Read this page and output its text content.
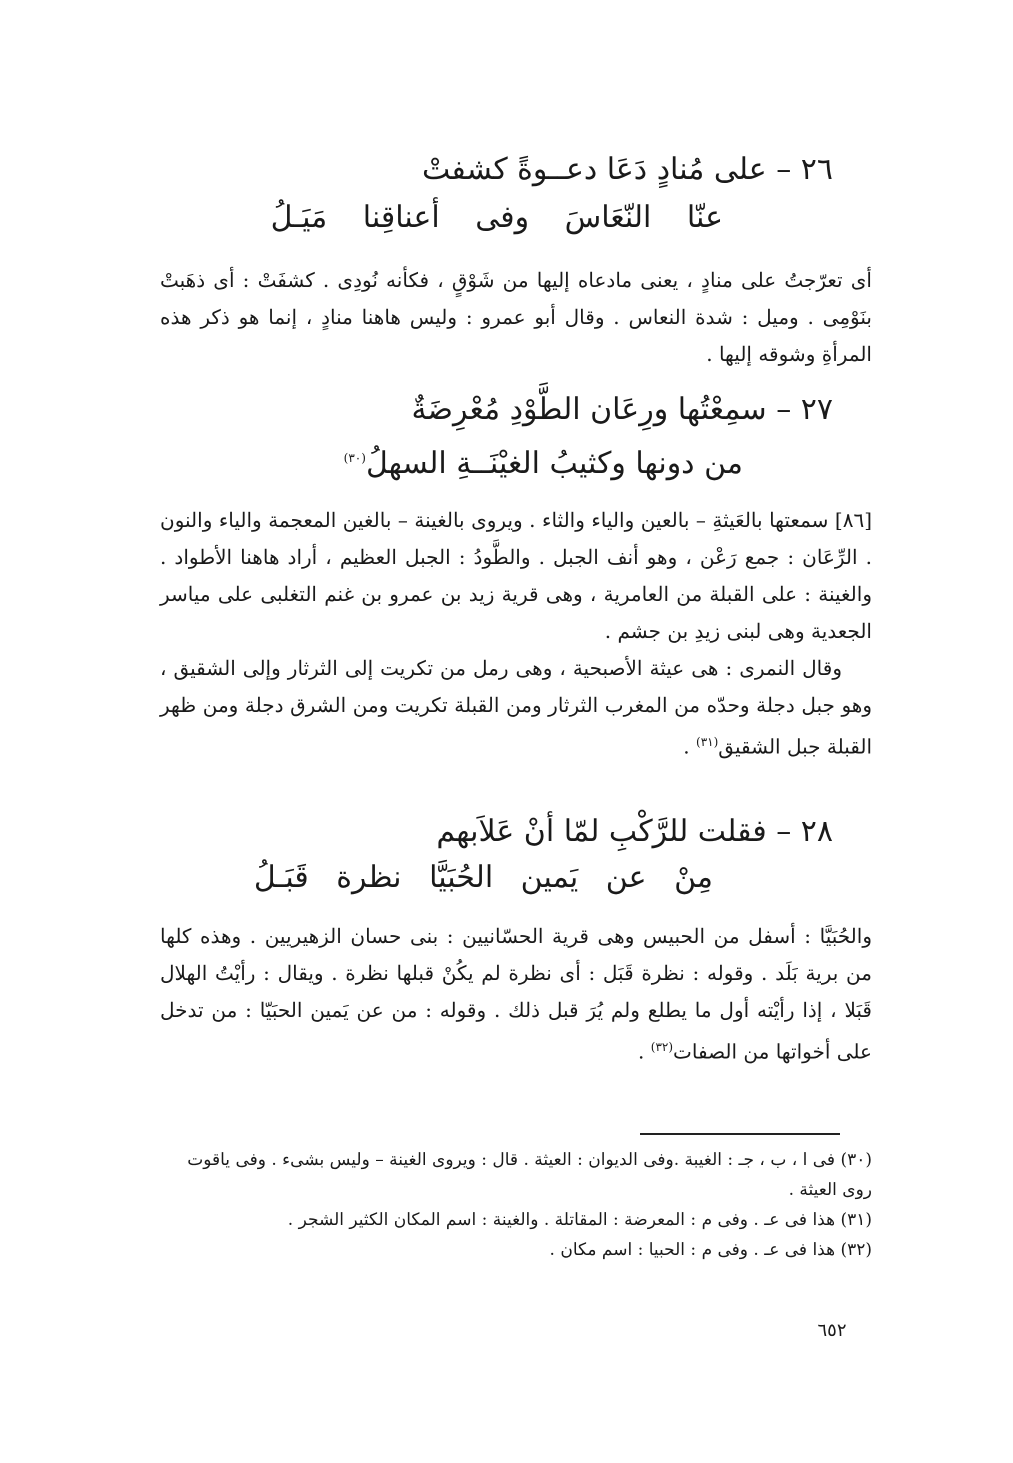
٢٦ – على مُنادٍ دَعَا دعــوةً كشفتْ
عنّا النّعَاسَ وفى أعناقِنا مَيَـلُ

أى تعرّجتُ على منادٍ ، يعنى مادعاه إليها من شَوْقٍ ، فكأنه نُودِى . كشفَتْ : أى ذهَبتْ بنَوْمِى . وميل : شدة النعاس . وقال أبو عمرو : وليس هاهنا منادٍ ، إنما هو ذكر هذه المرأةِ وشوقه إليها .

٢٧ – سمِعْتُها ورِعَان الطَّوْدِ مُعْرِضَةٌ
من دونها وكثيبُ الغيْنَــةِ السهلُ$^{(٣٠)}$

[٨٦] سمعتها بالعَيثةِ – بالعين والياء والثاء . ويروى بالغينة – بالغين المعجمة والياء والنون . الرِّعَان : جمع رَعْن ، وهو أنف الجبل . والطَّودُ : الجبل العظيم ، أراد هاهنا الأطواد . والغينة : على القبلة من العامرية ، وهى قرية زيد بن عمرو بن غنم التغلبى على مياسر الجعدية وهى لبنى زيدِ بن جشم .

وقال النمرى : هى عيثة الأصبحية ، وهى رمل من تكريت إلى الثرثار وإلى الشقيق ، وهو جبل دجلة وحدّه من المغرب الثرثار ومن القبلة تكريت ومن الشرق دجلة ومن ظهر القبلة جبل الشقيق$^{(٣١)}$ .

٢٨ – فقلت للرَّكْبِ لمّا أنْ عَلاَبهم
مِنْ عن يَمين الحُبَيَّا نظرة قَبَـلُ

والحُبَيَّا : أسفل من الحبيس وهى قرية الحسّانيين : بنى حسان الزهيريين . وهذه كلها من برية بَلَد . وقوله : نظرة قَبَل : أى نظرة لم يكُنْ قبلها نظرة . ويقال : رأيْتُ الهلال قَبَلا ، إذا رأيْته أول ما يطلع ولم يُرَ قبل ذلك . وقوله : من عن يَمين الحبَيّا : من تدخل على أخواتها من الصفات$^{(٣٢)}$ .

(٣٠) فى ا ، ب ، جـ : الغيبة .وفى الديوان : العيثة . قال : ويروى الغينة – وليس بشىء . وفى ياقوت روى العيثة .

(٣١) هذا فى عـ . وفى م : المعرضة : المقاتلة . والغينة : اسم المكان الكثير الشجر .

(٣٢) هذا فى عـ . وفى م : الحبيا : اسم مكان .

٦٥٢
